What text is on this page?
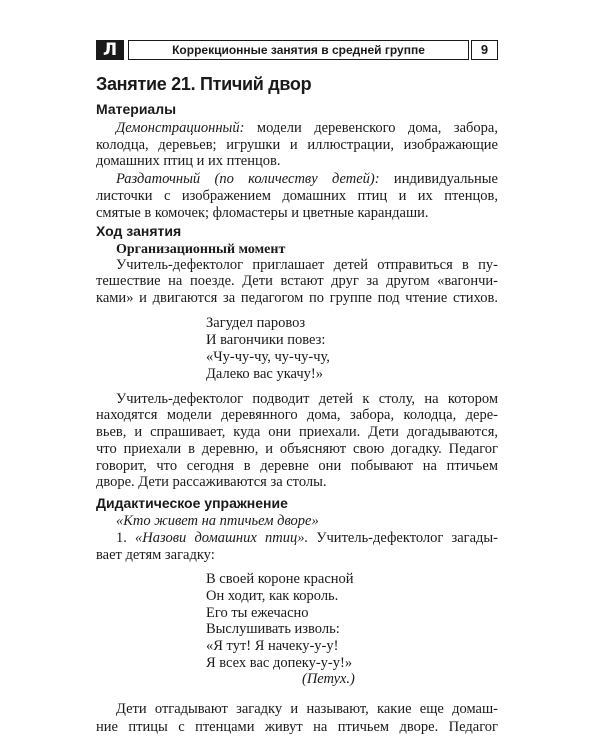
Л	Коррекционные занятия в средней группе	9
Занятие 21. Птичий двор
Материалы
Демонстрационный: модели деревенского дома, забора,
колодца, деревьев; игрушки и иллюстрации, изображающие
домашних птиц и их птенцов.
Раздаточный (по количеству детей): индивидуальные
листочки с изображением домашних птиц и их птенцов,
смятые в комочек; фломастеры и цветные карандаши.
Ход занятия
Организационный момент
Учитель-дефектолог приглашает детей отправиться в пу-
тешествие на поезде. Дети встают друг за другом «вагончи-
ками» и двигаются за педагогом по группе под чтение стихов.
Загудел паровоз
И вагончики повез:
«Чу-чу-чу, чу-чу-чу,
Далеко вас укачу!»
Учитель-дефектолог подводит детей к столу, на котором
находятся модели деревянного дома, забора, колодца, дере-
вьев, и спрашивает, куда они приехали. Дети догадываются,
что приехали в деревню, и объясняют свою догадку. Педагог
говорит, что сегодня в деревне они побывают на птичьем
дворе. Дети рассаживаются за столы.
Дидактическое упражнение
«Кто живет на птичьем дворе»
1. «Назови домашних птиц». Учитель-дефектолог загады-
вает детям загадку:
В своей короне красной
Он ходит, как король.
Его ты ежечасно
Выслушивать изволь:
«Я тут! Я начеку-у-у!
Я всех вас допеку-у-у!»
(Петух.)
Дети отгадывают загадку и называют, какие еще домаш-
ние птицы с птенцами живут на птичьем дворе. Педагог
